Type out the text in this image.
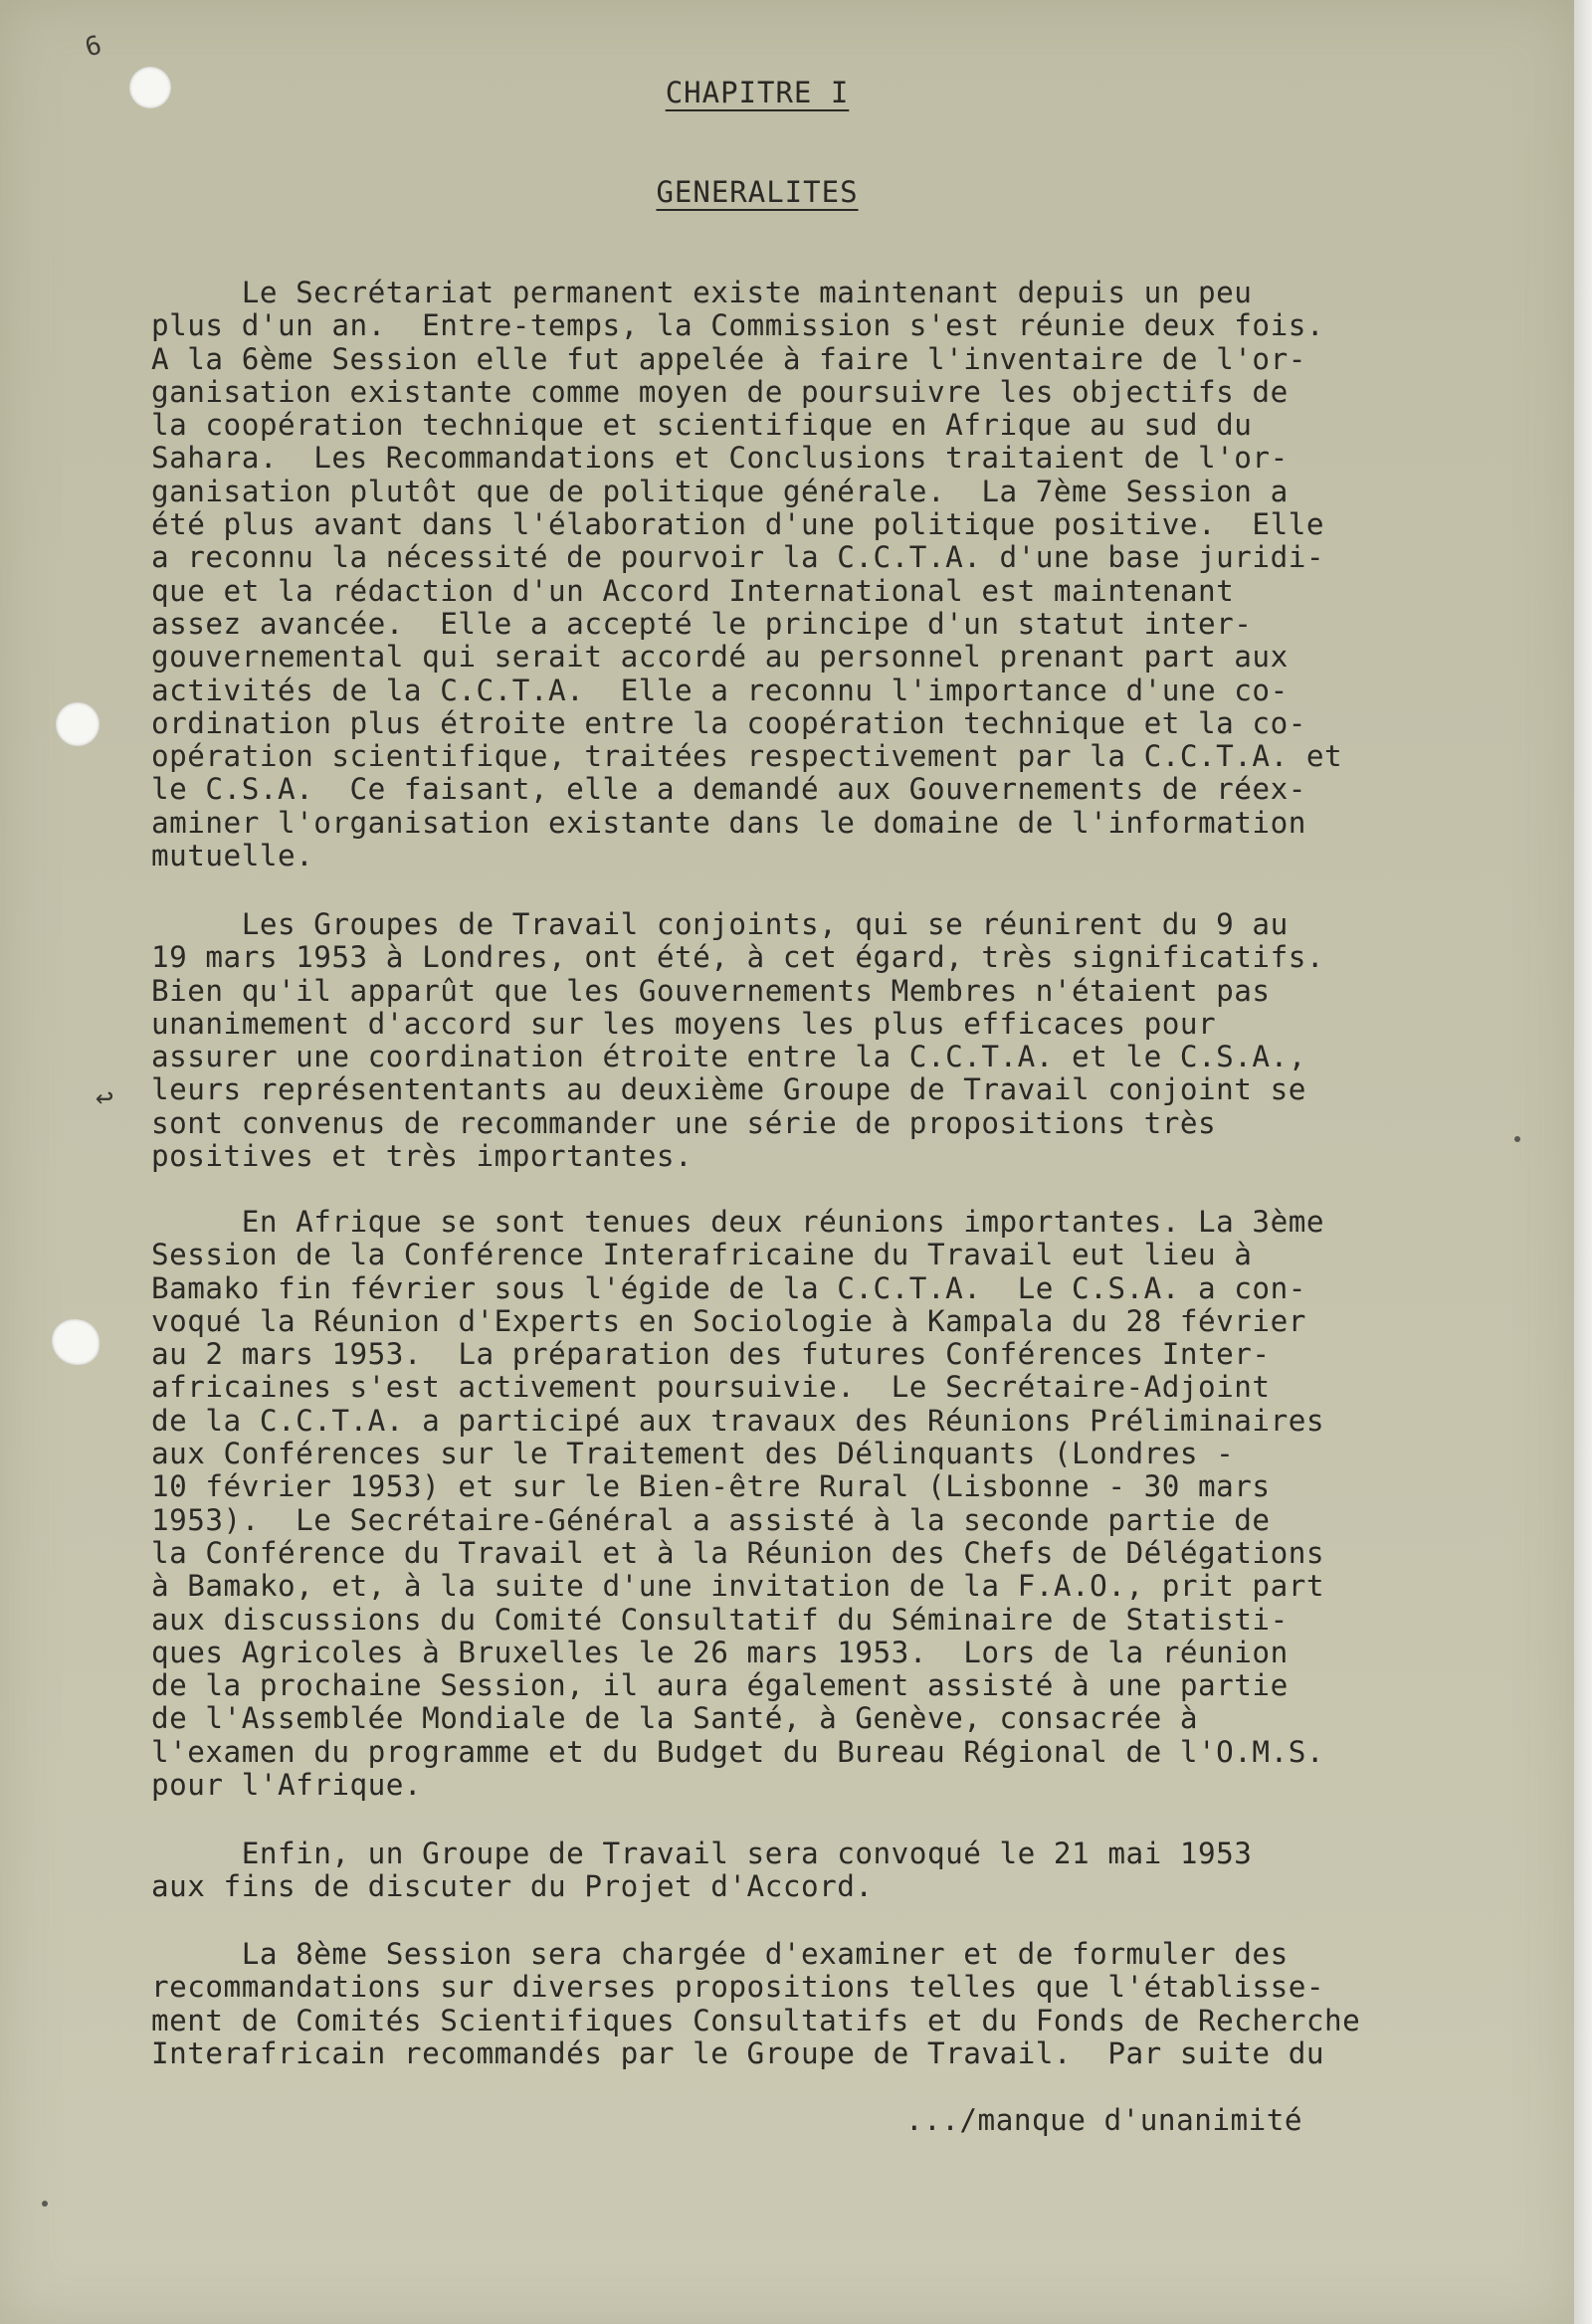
6
↩
CHAPITRE I
GENERALITES

Le Secrétariat permanent existe maintenant depuis un peu
plus d'un an.  Entre-temps, la Commission s'est réunie deux fois.
A la 6ème Session elle fut appelée à faire l'inventaire de l'or-
ganisation existante comme moyen de poursuivre les objectifs de
la coopération technique et scientifique en Afrique au sud du
Sahara.  Les Recommandations et Conclusions traitaient de l'or-
ganisation plutôt que de politique générale.  La 7ème Session a
été plus avant dans l'élaboration d'une politique positive.  Elle
a reconnu la nécessité de pourvoir la C.C.T.A. d'une base juridi-
que et la rédaction d'un Accord International est maintenant
assez avancée.  Elle a accepté le principe d'un statut inter-
gouvernemental qui serait accordé au personnel prenant part aux
activités de la C.C.T.A.  Elle a reconnu l'importance d'une co-
ordination plus étroite entre la coopération technique et la co-
opération scientifique, traitées respectivement par la C.C.T.A. et
le C.S.A.  Ce faisant, elle a demandé aux Gouvernements de réex-
aminer l'organisation existante dans le domaine de l'information
mutuelle.

Les Groupes de Travail conjoints, qui se réunirent du 9 au
19 mars 1953 à Londres, ont été, à cet égard, très significatifs.
Bien qu'il apparût que les Gouvernements Membres n'étaient pas
unanimement d'accord sur les moyens les plus efficaces pour
assurer une coordination étroite entre la C.C.T.A. et le C.S.A.,
leurs représententants au deuxième Groupe de Travail conjoint se
sont convenus de recommander une série de propositions très
positives et très importantes.

En Afrique se sont tenues deux réunions importantes. La 3ème
Session de la Conférence Interafricaine du Travail eut lieu à
Bamako fin février sous l'égide de la C.C.T.A.  Le C.S.A. a con-
voqué la Réunion d'Experts en Sociologie à Kampala du 28 février
au 2 mars 1953.  La préparation des futures Conférences Inter-
africaines s'est activement poursuivie.  Le Secrétaire-Adjoint
de la C.C.T.A. a participé aux travaux des Réunions Préliminaires
aux Conférences sur le Traitement des Délinquants (Londres -
10 février 1953) et sur le Bien-être Rural (Lisbonne - 30 mars
1953).  Le Secrétaire-Général a assisté à la seconde partie de
la Conférence du Travail et à la Réunion des Chefs de Délégations
à Bamako, et, à la suite d'une invitation de la F.A.O., prit part
aux discussions du Comité Consultatif du Séminaire de Statisti-
ques Agricoles à Bruxelles le 26 mars 1953.  Lors de la réunion
de la prochaine Session, il aura également assisté à une partie
de l'Assemblée Mondiale de la Santé, à Genève, consacrée à
l'examen du programme et du Budget du Bureau Régional de l'O.M.S.
pour l'Afrique.

Enfin, un Groupe de Travail sera convoqué le 21 mai 1953
aux fins de discuter du Projet d'Accord.

La 8ème Session sera chargée d'examiner et de formuler des
recommandations sur diverses propositions telles que l'établisse-
ment de Comités Scientifiques Consultatifs et du Fonds de Recherche
Interafricain recommandés par le Groupe de Travail.  Par suite du

.../manque d'unanimité
